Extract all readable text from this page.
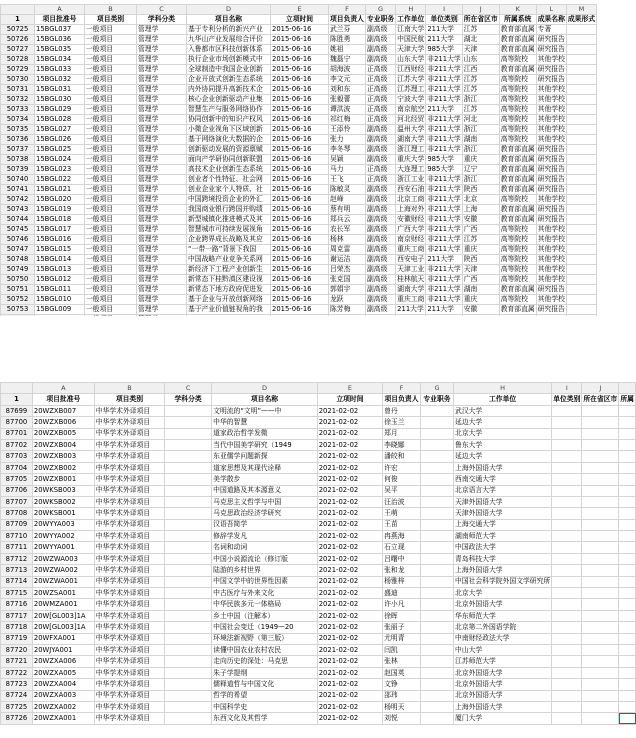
	A	B	C	D	E	F	G	H	I	J	K	L	M
1	项目批准号	项目类别	学科分类	项目名称	立项时间	项目负责人	专业职务	工作单位	单位类别	所在省区市	所属系统	成果名称	成果形式
50725	15BGL037	一般项目	管理学	基于专利分析的新兴产业	2015-06-16	武兰芬	副高级	江南大学	211大学	江苏	教育部直属	专著	
50726	15BGL036	一般项目	管理学	九华山产业发展综合评价	2015-06-16	陈胜勇	副高级	中国民航	211大学	湖北	教育部直属	研究报告	
50727	15BGL035	一般项目	管理学	入鲁都市区科技创新体系	2015-06-16	姚祖	副高级	天津大学	985大学	天津	教育部直属	研究报告	
50728	15BGL034	一般项目	管理学	执行企业市场创新模式中	2015-06-16	魏磊宁	副高级	山东大学	非211大学	山东	高等院校	其他学校	
50729	15BGL033	一般项目	管理学	全球制造中我国企业创新	2015-06-16	胡海波	正高级	江西财经	非211大学	江西	教育部直属	研究报告	
50730	15BGL032	一般项目	管理学	企业开放式创新生态系统	2015-06-16	李文元	正高级	江苏大学	非211大学	江苏	高等院校	研究报告	
50731	15BGL031	一般项目	管理学	内外协同提升高新技术企	2015-06-16	刘和东	正高级	江苏理工	非211大学	江苏	高等院校	其他学校	
50732	15BGL030	一般项目	管理学	核心企业创新驱动产业集	2015-06-16	张毅蕾	正高级	宁波大学	非211大学	浙江	高等院校	其他学校	
50733	15BGL029	一般项目	管理学	智慧生产与服务网络协作	2015-06-16	谭洪波	正高级	南京航空	211大学	江苏	高等院校	其他学校	
50734	15BGL028	一般项目	管理学	协同创新中的知识产权风	2015-06-16	祁红梅	正高级	河北经贸	非211大学	河北	高等院校	其他学校	
50735	15BGL027	一般项目	管理学	小微企业视角下区域创新	2015-06-16	王添怜	副高级	温州大学	非211大学	浙江	高等院校	其他学校	
50736	15BGL026	一般项目	管理学	基于网络演化大数据的企	2015-06-16	张力	副高级	湖南大学	非211大学	湖南	高等院校	其他学校	
50737	15BGL025	一般项目	管理学	创新驱动发展的资源禀赋	2015-06-16	李冬琴	副高级	浙江理工	非211大学	浙江	教育部直属	研究报告	
50738	15BGL024	一般项目	管理学	面向产学研协同创新联盟	2015-06-16	吴颖	副高级	重庆大学	985大学	重庆	教育部直属	研究报告	
50739	15BGL023	一般项目	管理学	高技术企业创新生态系统	2015-06-16	马力	正高级	大连理工	985大学	辽宁	教育部直属	研究报告	
50740	15BGL022	一般项目	管理学	创业者个性特征、社会网	2015-06-16	王飞	正高级	浙江工业	非211大学	浙江	教育部直属	研究报告	
50741	15BGL021	一般项目	管理学	创业企业家个人特质、社	2015-06-16	陈敏灵	副高级	西安石油	非211大学	陕西	教育部直属	研究报告	
50742	15BGL020	一般项目	管理学	中国跨境投资企业的外汇	2015-06-16	赵峰	副高级	北京工商	非211大学	北京	高等院校	其他学校	
50743	15BGL019	一般项目	管理学	我国商业银行跨国并购绩	2015-06-16	蔡有明	副高级	上海对外	非211大学	上海	教育部直属	研究报告	
50744	15BGL018	一般项目	管理学	新型城镇化推进模式及其	2015-06-16	郑兵云	副高级	安徽财经	非211大学	安徽	教育部直属	研究报告	
50745	15BGL017	一般项目	管理学	智慧城市可持续发展视角	2015-06-16	农长军	副高级	广西大学	非211大学	广西	高等院校	其他学校	
50746	15BGL016	一般项目	管理学	企业跨界成长战略及其应	2015-06-16	杨林	副高级	南京财经	非211大学	江苏	高等院校	其他学校	
50747	15BGL015	一般项目	管理学	“一带一路”背景下我国	2015-06-16	周克雷	副高级	重庆工商	非211大学	重庆	高等院校	其他学校	
50748	15BGL014	一般项目	管理学	中国战略产业竞争关系网	2015-06-16	谢运洁	副高级	西安电子	211大学	陕西	高等院校	其他学校	
50749	15BGL013	一般项目	管理学	新经济下工程产业创新生	2015-06-16	吕荣杰	副高级	天津工业	非211大学	天津	高等院校	其他学校	
50750	15BGL012	一般项目	管理学	新常态下桂黔滇区建设视	2015-06-16	张克国	副高级	桂林航天	非211大学	广西	高等院校	其他学校	
50751	15BGL011	一般项目	管理学	新常态下地方政府促进发	2015-06-16	郭娟宇	副高级	湖南大学	非211大学	湖南	教育部直属	研究报告	
50752	15BGL010	一般项目	管理学	基于企业与开放创新网络	2015-06-16	龙跃	副高级	重庆工商	非211大学	重庆	高等院校	其他学校	
50753	15BGL009	一般项目	管理学	基于产业价值链视角的我	2015-06-16	陈芳梅	副高级	211大学	211大学	安徽	教育部直属	研究报告	

	A	B	C	D	E	F	G	H	I	J	
1	项目批准号	项目类别	学科分类	项目名称	立项时间	项目负责人	专业职务	工作单位	单位类别	所在省区市	所属
87699	20WZXB007	中华学术外译项目		文明流的“文明”——中	2021-02-02	曾丹		武汉大学			
87700	20WZXB006	中华学术外译项目		中华的智慧	2021-02-02	徐玉兰		延边大学			
87701	20WZXB005	中华学术外译项目		道家政治哲学发微	2021-02-02	郑月		北京大学			
87702	20WZXB004	中华学术外译项目		当代中国美学研究（1949	2021-02-02	李晓娜		鲁东大学			
87703	20WZXB003	中华学术外译项目		东亚儒学问题新探	2021-02-02	潘皎和		延边大学			
87704	20WZXB002	中华学术外译项目		道家思想及其现代诠释	2021-02-02	许宏		上海外国语大学			
87705	20WZXB001	中华学术外译项目		美学散步	2021-02-02	何俊		西南交通大学			
87706	20WKSB003	中华学术外译项目		中国道路及其本源意义	2021-02-02	吴平		北京语言大学			
87707	20WKSB002	中华学术外译项目		马克思主义哲学与中国	2021-02-02	汪治波		天津外国语大学			
87708	20WKSB001	中华学术外译项目		马克思政治经济学研究	2021-02-02	王萌		天津外国语大学			
87709	20WYYA003	中华学术外译项目		汉语吾简学	2021-02-02	王苗		上海交通大学			
87710	20WYYA002	中华学术外译项目		修辞学发凡	2021-02-02	冉燕海		湖南师范大学			
87711	20WYYA001	中华学术外译项目		名词和动词	2021-02-02	石立现		中国政法大学			
87712	20WZWA003	中华学术外译项目		中国小说源流论（修订版	2021-02-02	吕曙中		青岛科技大学			
87713	20WZWA002	中华学术外译项目		陆游的乡村世界	2021-02-02	张和龙		上海外国语大学			
87714	20WZWA001	中华学术外译项目		中国文学中的世界性因素	2021-02-02	杨雅梓		中国社会科学院外国文学研究所			
87715	20WZSA001	中华学术外译项目		中古医疗与外来文化	2021-02-02	盛迪		北京大学			
87716	20WMZA001	中华学术外译项目		中华民族多元一体格局	2021-02-02	许小凡		北京外国语大学			
87717	20W[GL003]1A	中华学术外译项目		乡土中国（注解本）	2021-02-02	徐晖		华东师范大学			
87718	20W[GL003]1A	中华学术外译项目		中国社会变迁（1949—20	2021-02-02	张丽子		北京第二外国语学院			
87719	20WFXA001	中华学术外译项目		环境法新视野（第三版）	2021-02-02	尤明青		中南财经政法大学			
87720	20WJYA001	中华学术外译项目		读懂中国农业农村农民	2021-02-02	闫凯		中山大学			
87721	20WZXA006	中华学术外译项目		走向历史的深处：马克思	2021-02-02	张林		江苏师范大学			
87722	20WZXA005	中华学术外译项目		朱子学提纲	2021-02-02	赵国英		北京外国语大学			
87723	20WZXA004	中华学术外译项目		儒释道哲与中国文化	2021-02-02	文铮		北京外国语大学			
87724	20WZXA003	中华学术外译项目		哲学的希望	2021-02-02	邵玮		北京外国语大学			
87725	20WZXA002	中华学术外译项目		中国科学史	2021-02-02	杨明天		上海外国语大学			
87726	20WZXA001	中华学术外译项目		东西文化及其哲学	2021-02-02	刘悦		厦门大学			
